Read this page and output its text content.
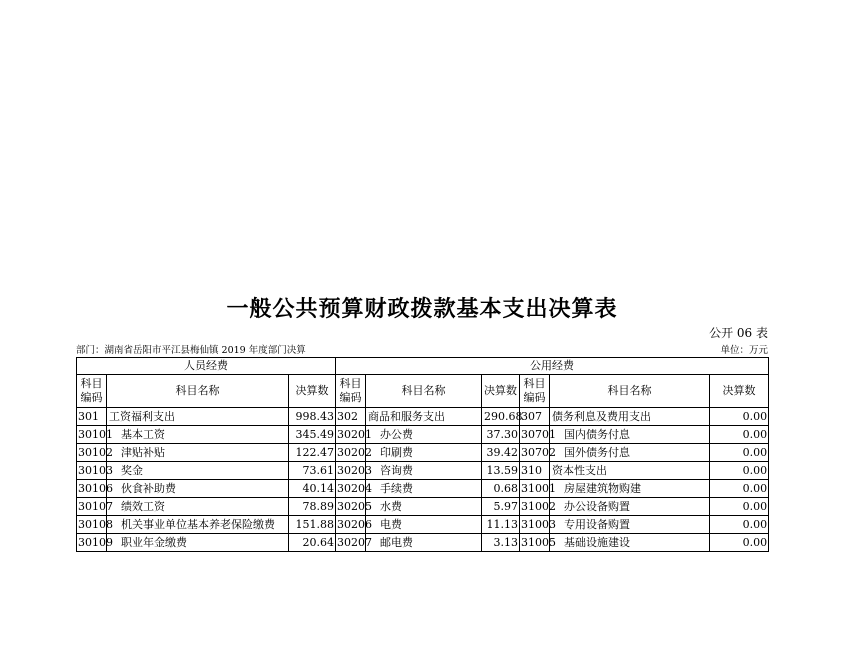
一般公共预算财政拨款基本支出决算表
公开 06 表
部门：湖南省岳阳市平江县梅仙镇 2019 年度部门决算	单位：万元
人员经费			公用经费					
科目编码	科目名称	决算数	科目编码	科目名称	决算数	科目编码	科目名称	决算数
301	工资福利支出	998.43	302	商品和服务支出	290.68	307	债务利息及费用支出	0.00
30101	基本工资	345.49	30201	办公费	37.30	30701	国内债务付息	0.00
30102	津贴补贴	122.47	30202	印刷费	39.42	30702	国外债务付息	0.00
30103	奖金	73.61	30203	咨询费	13.59	310	资本性支出	0.00
30106	伙食补助费	40.14	30204	手续费	0.68	31001	房屋建筑物购建	0.00
30107	绩效工资	78.89	30205	水费	5.97	31002	办公设备购置	0.00
30108	机关事业单位基本养老保险缴费	151.88	30206	电费	11.13	31003	专用设备购置	0.00
30109	职业年金缴费	20.64	30207	邮电费	3.13	31005	基础设施建设	0.00
